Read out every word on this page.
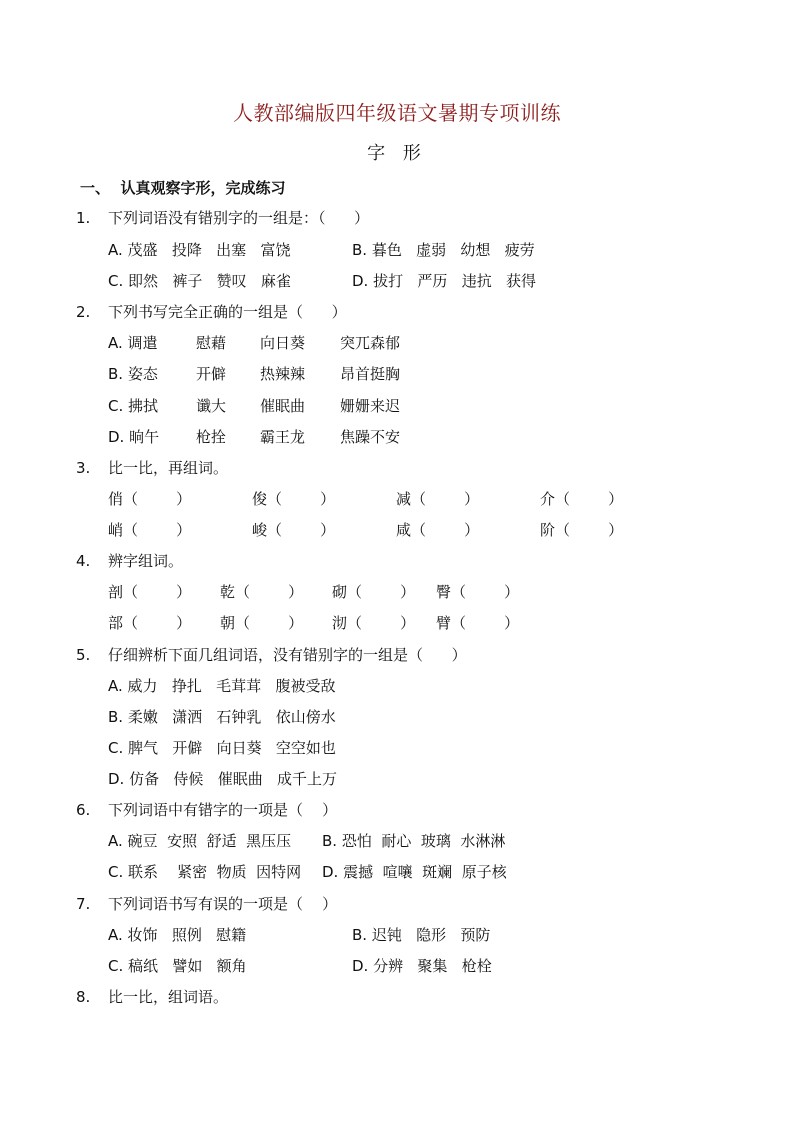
人教部编版四年级语文暑期专项训练
字 形
一、  认真观察字形，完成练习
1. 下列词语没有错别字的一组是：（      ）
A. 茂盛   投降   出塞   富饶	B. 暮色   虚弱   幼想   疲劳
C. 即然   裤子   赞叹   麻雀	D. 拔打   严历   违抗   获得
2. 下列书写完全正确的一组是（      ）
A. 调遣	慰藉 向日葵 突兀森郁
B. 姿态	开僻 热辣辣 昂首挺胸
C. 拂拭	谶大 催眠曲 姗姗来迟
D. 晌午 枪拴 霸王龙 焦躁不安
3. 比一比，再组词。
俏（        ）	俊（        ）	减（        ）	介（        ）
峭（        ）	峻（        ）	咸（        ）	阶（        ）
4. 辨字组词。
剖（        ） 乾（        ） 砌（        ） 臀（        ）
部（        ） 朝（        ） 沏（        ） 臂（        ）
5. 仔细辨析下面几组词语，没有错别字的一组是（      ）
A. 威力   挣扎   毛茸茸   腹被受敌
B. 柔嫩   潇洒   石钟乳   依山傍水
C. 脾气   开僻   向日葵   空空如也
D. 仿备   侍候   催眠曲   成千上万
6. 下列词语中有错字的一项是（    ）
A. 碗豆  安照  舒适  黑压压 B. 恐怕  耐心  玻璃  水淋淋
C. 联系    紧密  物质  因特网 D. 震撼  喧嚷  斑斓  原子核
7. 下列词语书写有误的一项是（    ）
A. 妆饰   照例   慰籍	B. 迟钝   隐形   预防
C. 稿纸   譬如   额角	D. 分辨   聚集   枪栓
8. 比一比，组词语。
